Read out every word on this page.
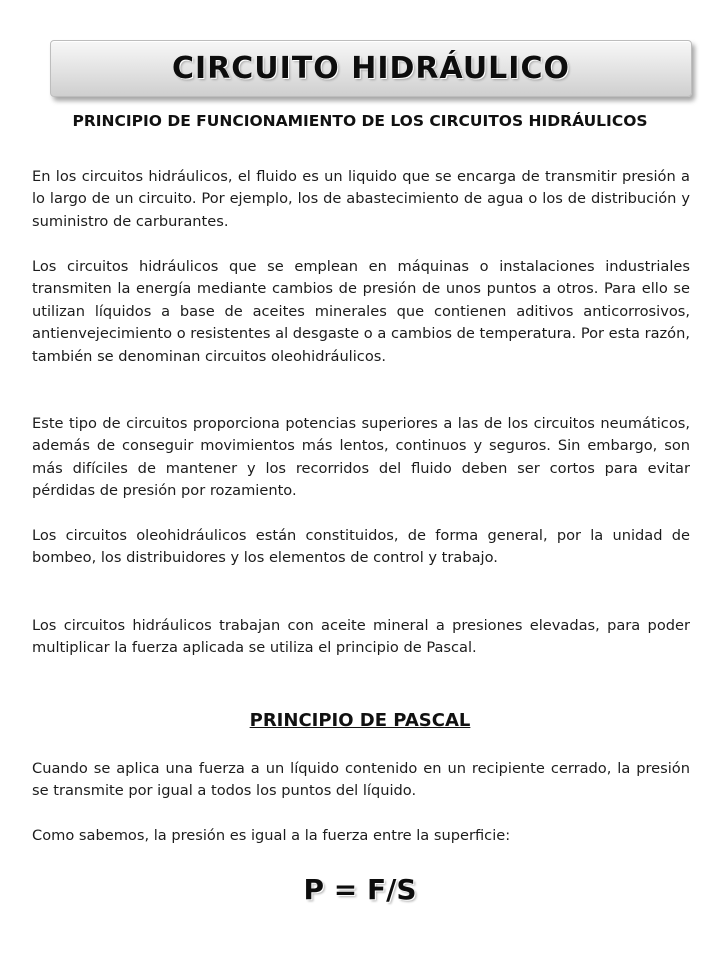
CIRCUITO HIDRÁULICO
PRINCIPIO DE FUNCIONAMIENTO DE LOS CIRCUITOS HIDRÁULICOS

En los circuitos hidráulicos, el fluido es un liquido que se encarga de transmitir presión a lo largo de un circuito. Por ejemplo, los de abastecimiento de agua o los de distribución y suministro de carburantes.

Los circuitos hidráulicos que se emplean en máquinas o instalaciones industriales transmiten la energía mediante cambios de presión de unos puntos a otros. Para ello se utilizan líquidos a base de aceites minerales que contienen aditivos anticorrosivos, antienvejecimiento o resistentes al desgaste o a cambios de temperatura. Por esta razón, también se denominan circuitos oleohidráulicos.

Este tipo de circuitos proporciona potencias superiores a las de los circuitos neumáticos, además de conseguir movimientos más lentos, continuos y seguros. Sin embargo, son más difíciles de mantener y los recorridos del fluido deben ser cortos para evitar pérdidas de presión por rozamiento.

Los circuitos oleohidráulicos están constituidos, de forma general, por la unidad de bombeo, los distribuidores y los elementos de control y trabajo.

Los circuitos hidráulicos trabajan con aceite mineral a presiones elevadas, para poder multiplicar la fuerza aplicada se utiliza el principio de Pascal.

PRINCIPIO DE PASCAL

Cuando se aplica una fuerza a un líquido contenido en un recipiente cerrado, la presión se transmite por igual a todos los puntos del líquido.

Como sabemos, la presión es igual a la fuerza entre la superficie:

P = F/S
